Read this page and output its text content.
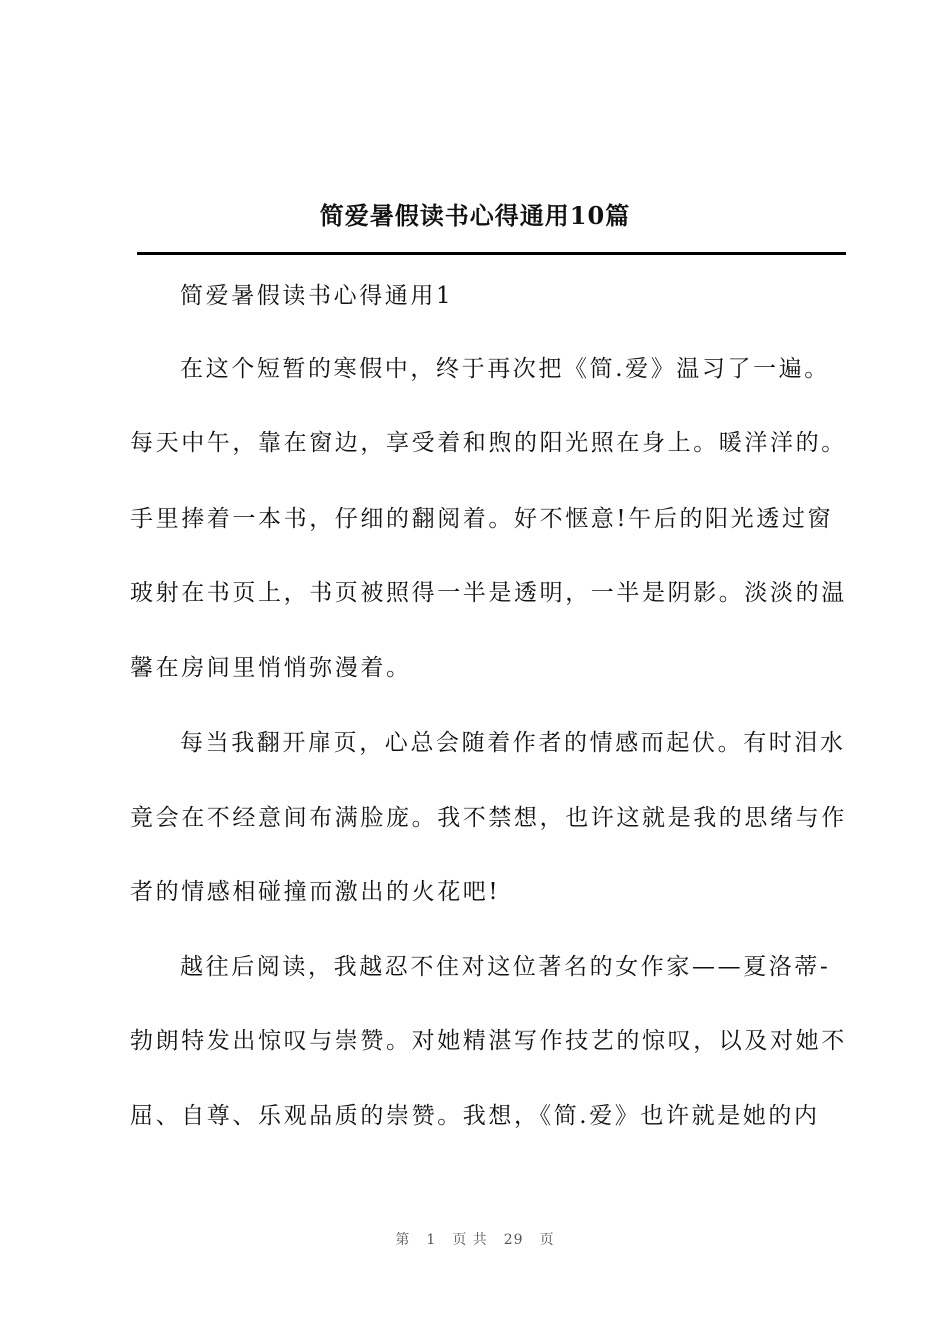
简爱暑假读书心得通用10篇
简爱暑假读书心得通用1
在这个短暂的寒假中，终于再次把《简.爱》温习了一遍。
每天中午，靠在窗边，享受着和煦的阳光照在身上。暖洋洋的。
手里捧着一本书，仔细的翻阅着。好不惬意!午后的阳光透过窗
玻射在书页上，书页被照得一半是透明，一半是阴影。淡淡的温
馨在房间里悄悄弥漫着。
每当我翻开扉页，心总会随着作者的情感而起伏。有时泪水
竟会在不经意间布满脸庞。我不禁想，也许这就是我的思绪与作
者的情感相碰撞而激出的火花吧!
越往后阅读，我越忍不住对这位著名的女作家——夏洛蒂-
勃朗特发出惊叹与崇赞。对她精湛写作技艺的惊叹，以及对她不
屈、自尊、乐观品质的崇赞。我想，《简.爱》也许就是她的内
第 1 页 共 29 页
